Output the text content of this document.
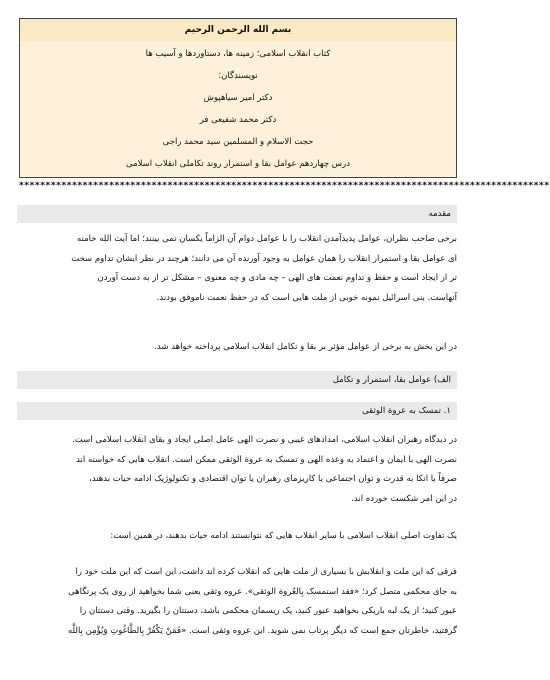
بسم الله الرحمن الرحيم
کتاب انقلاب اسلامی؛ زمینه ها، دستاوردها و آسیب ها
نویسندگان:
دکتر امیر سیاهپوش
دکتر محمد شفیعی فر
حجت الاسلام و المسلمین سید محمد راجی
درس چهاردهم عوامل بقا و استمرار روند تکاملی انقلاب اسلامی
****************************************************************************************************
مقدمه
برخی صاحب نظران، عوامل پدیدآمدن انقلاب را با عوامل دوام آن الزاماً یکسان نمی بینند؛ اما آیت الله خامنه
ای عوامل بقا و استمرار انقلاب را همان عوامل به وجود آورنده آن می دانند؛ هرچند در نظر ایشان تداوم سخت
تر از ایجاد است و حفظ و تداوم نعمت های الهی – چه مادی و چه معنوی – مشکل تر از به دست آوردن
آنهاست. بنی اسرائیل نمونه خوبی از ملت هایی است که در حفظ نعمت ناموفق بودند.
در این بخش به برخی از عوامل مؤثر بر بقا و تکامل انقلاب اسلامی پرداخته خواهد شد.
الف) عوامل بقا، استمرار و تکامل
۱. تمسک به عروة الوثقی
در دیدگاه رهبران انقلاب اسلامی، امدادهای غیبی و نصرت الهی عامل اصلی ایجاد و بقای انقلاب اسلامی است.
نصرت الهی با ایمان و اعتماد به وعده الهی و تمسک به عروة الوثقی ممکن است. انقلاب هایی که خواسته اند
صرفاً با اتکا به قدرت و توان اجتماعی یا کاریزمای رهبران یا توان اقتصادی و تکنولوژیک ادامه حیات بدهند،
در این امر شکست خورده اند.
یک تفاوت اصلی انقلاب اسلامی با سایر انقلاب هایی که نتوانستند ادامه حیات بدهند، در همین است:
فرقی که این ملت و انقلابش با بسیاری از ملت هایی که انقلاب کرده اند داشت، این است که این ملت خود را
به جای محکمی متصل کرد؛ «فقد استمسک بِالعُروة الوثقی». عروه وثقی یعنی شما بخواهید از روی یک پرتگاهی
عبور کنید؛ از یک لبه باریکی بخواهید عبور کنید، یک ریسمان محکمی باشد، دستتان را بگیرید. وقتی دستتان را
گرفتید، خاطرتان جمع است که دیگر پرتاب نمی شوید. این عروه وثقی است. «فَمَنْ یَكْفُرْ بِالطَّاغُوتِ وَیُؤْمِن بِاللَّه
